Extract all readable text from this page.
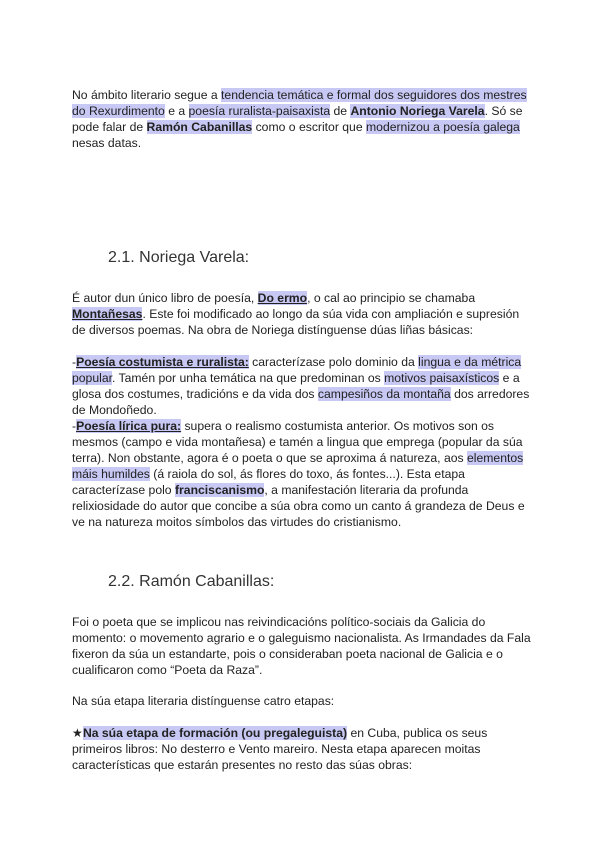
No ámbito literario segue a tendencia temática e formal dos seguidores dos mestres do Rexurdimento e a poesía ruralista-paisaxista de Antonio Noriega Varela. Só se pode falar de Ramón Cabanillas como o escritor que modernizou a poesía galega nesas datas.

2.1. Noriega Varela:

É autor dun único libro de poesía, Do ermo, o cal ao principio se chamaba Montañesas. Este foi modificado ao longo da súa vida con ampliación e supresión de diversos poemas. Na obra de Noriega distínguense dúas liñas básicas:

-Poesía costumista e ruralista: caracterízase polo dominio da lingua e da métrica popular. Tamén por unha temática na que predominan os motivos paisaxísticos e a glosa dos costumes, tradicións e da vida dos campesiños da montaña dos arredores de Mondoñedo.
-Poesía lírica pura: supera o realismo costumista anterior. Os motivos son os mesmos (campo e vida montañesa) e tamén a lingua que emprega (popular da súa terra). Non obstante, agora é o poeta o que se aproxima á natureza, aos elementos máis humildes (á raiola do sol, ás flores do toxo, ás fontes...). Esta etapa caracterízase polo franciscanismo, a manifestación literaria da profunda relixiosidade do autor que concibe a súa obra como un canto á grandeza de Deus e ve na natureza moitos símbolos das virtudes do cristianismo.

2.2. Ramón Cabanillas:

Foi o poeta que se implicou nas reivindicacións político-sociais da Galicia do momento: o movemento agrario e o galeguismo nacionalista. As Irmandades da Fala fixeron da súa un estandarte, pois o consideraban poeta nacional de Galicia e o cualificaron como “Poeta da Raza”.

Na súa etapa literaria distínguense catro etapas:

★Na súa etapa de formación (ou pregaleguista) en Cuba, publica os seus primeiros libros: No desterro e Vento mareiro. Nesta etapa aparecen moitas características que estarán presentes no resto das súas obras:
